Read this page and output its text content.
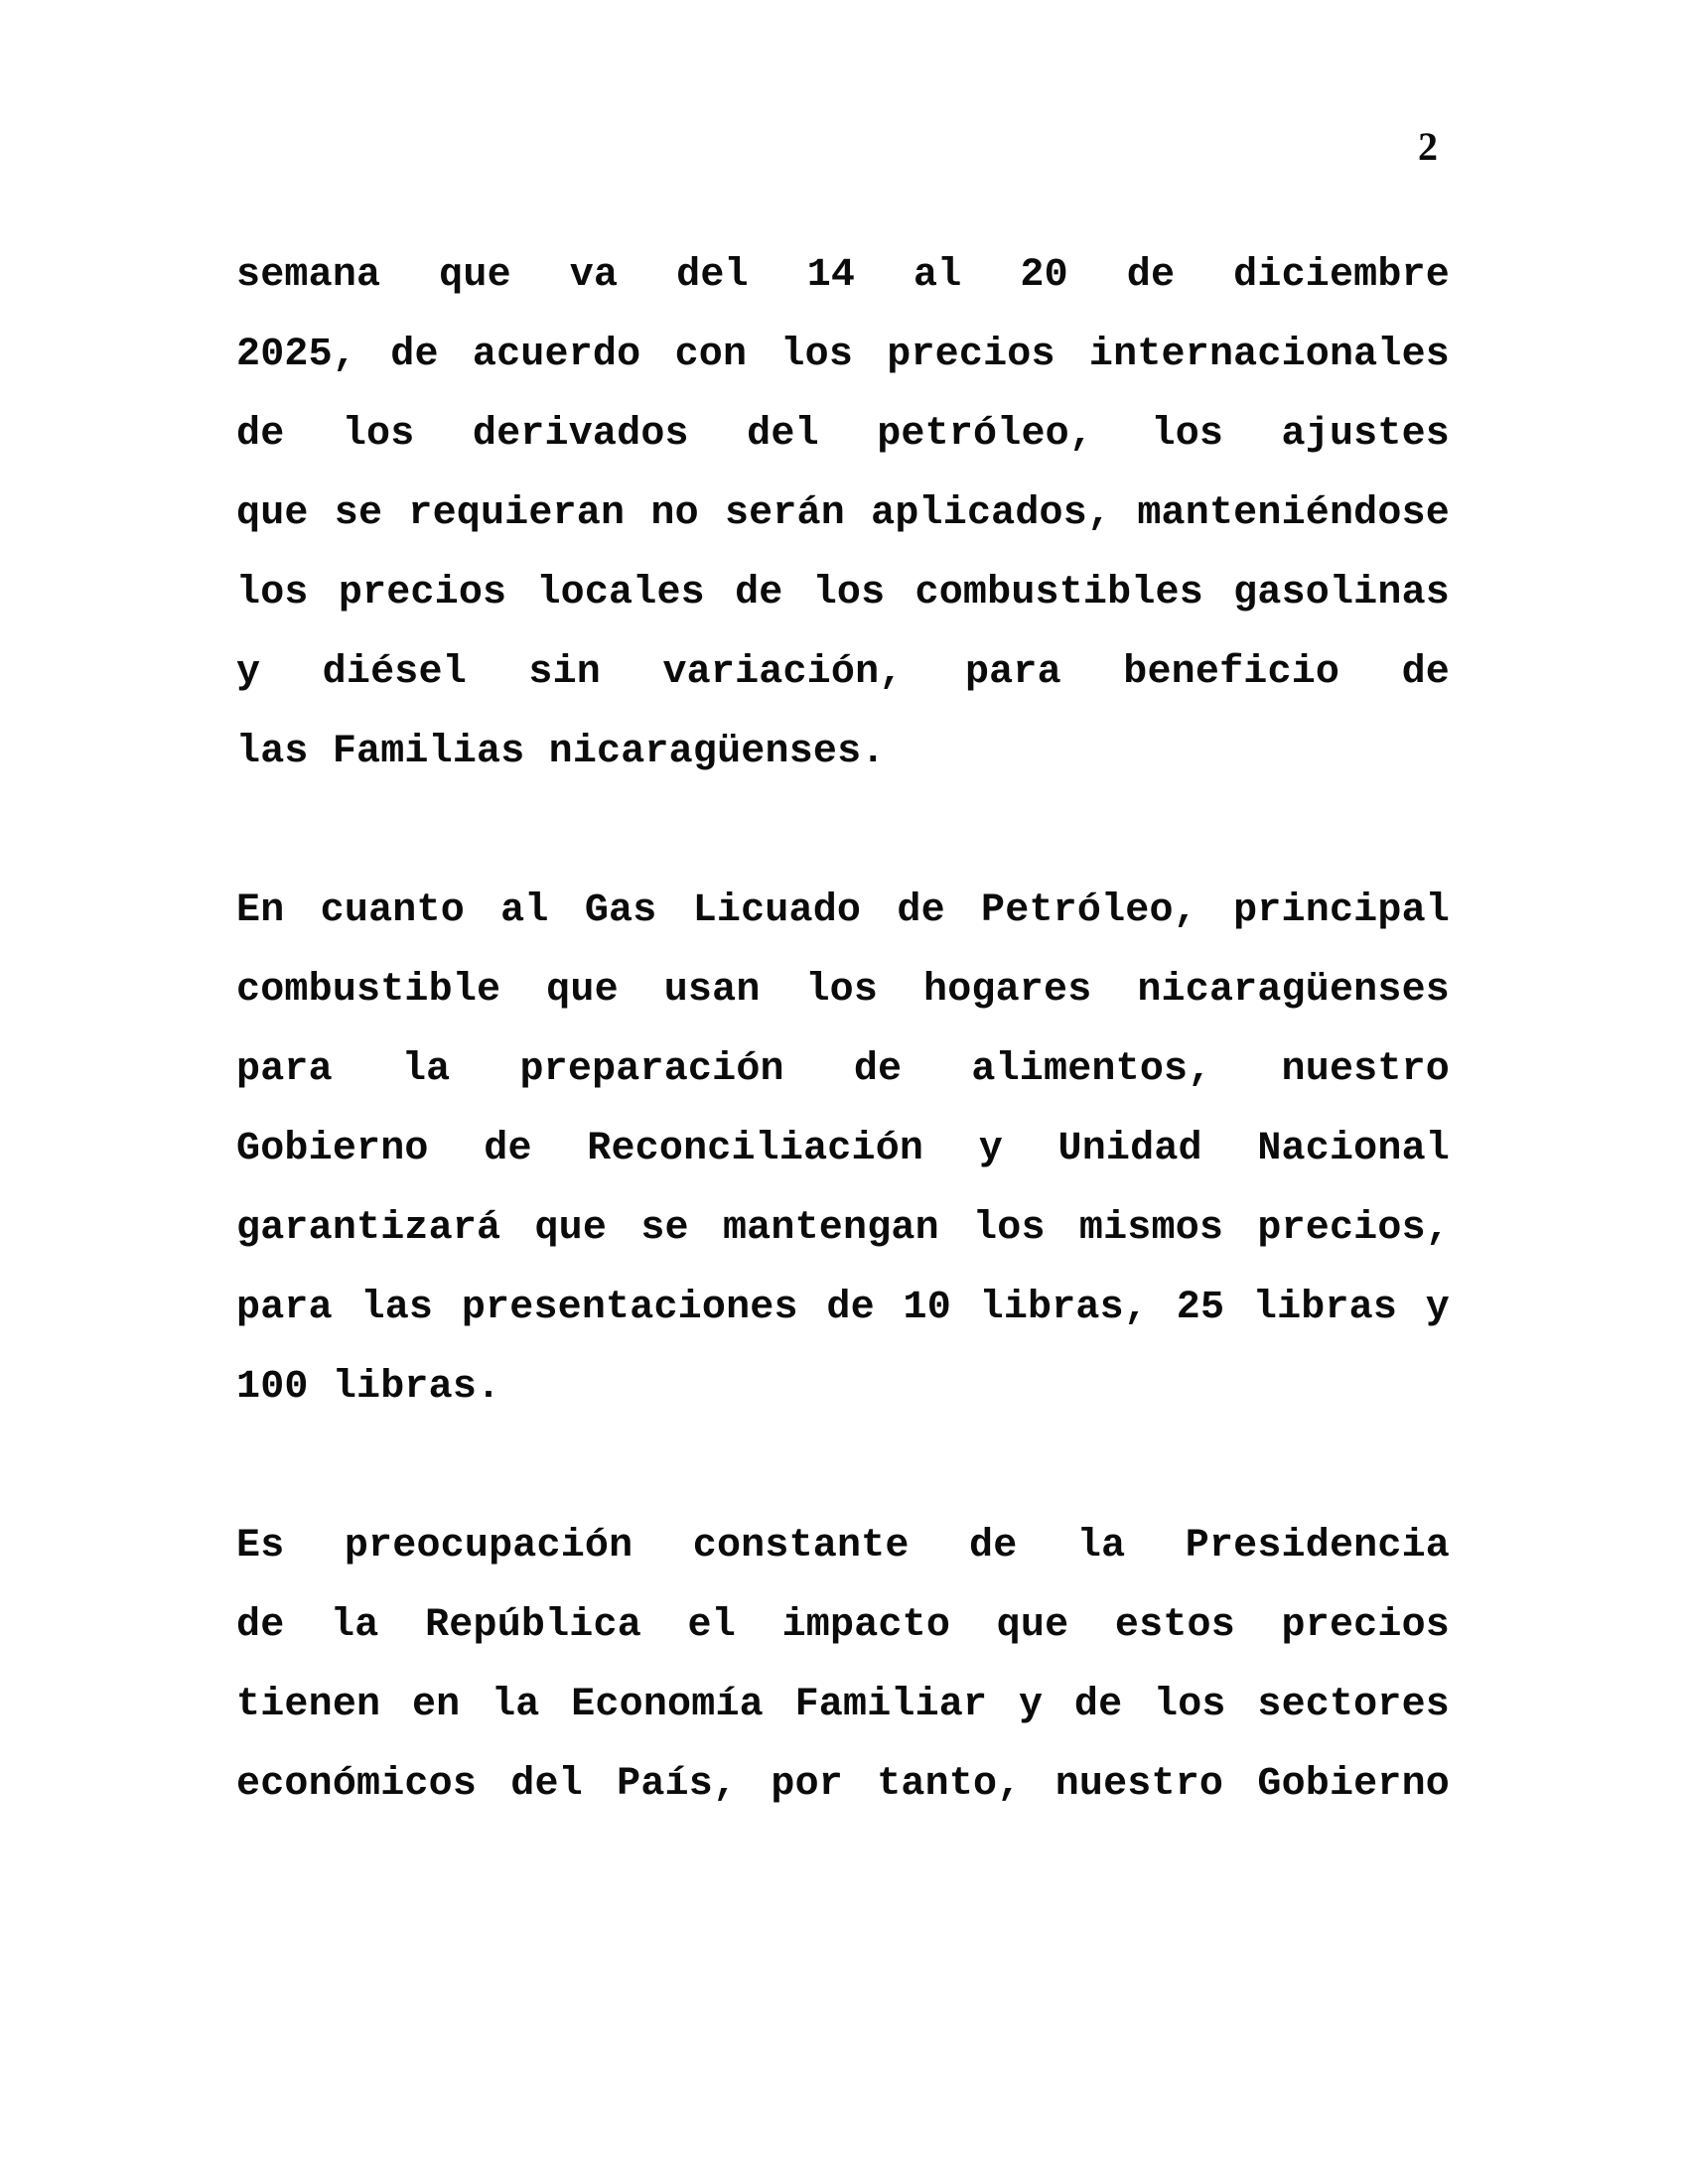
2
semana que va del 14 al 20 de diciembre
2025, de acuerdo con los precios internacionales
de los derivados del petróleo, los ajustes
que se requieran no serán aplicados, manteniéndose
los precios locales de los combustibles gasolinas
y diésel sin variación, para beneficio de
las Familias nicaragüenses.
En cuanto al Gas Licuado de Petróleo, principal
combustible que usan los hogares nicaragüenses
para la preparación de alimentos, nuestro
Gobierno de Reconciliación y Unidad Nacional
garantizará que se mantengan los mismos precios,
para las presentaciones de 10 libras, 25 libras y
100 libras.
Es preocupación constante de la Presidencia
de la República el impacto que estos precios
tienen en la Economía Familiar y de los sectores
económicos del País, por tanto, nuestro Gobierno
